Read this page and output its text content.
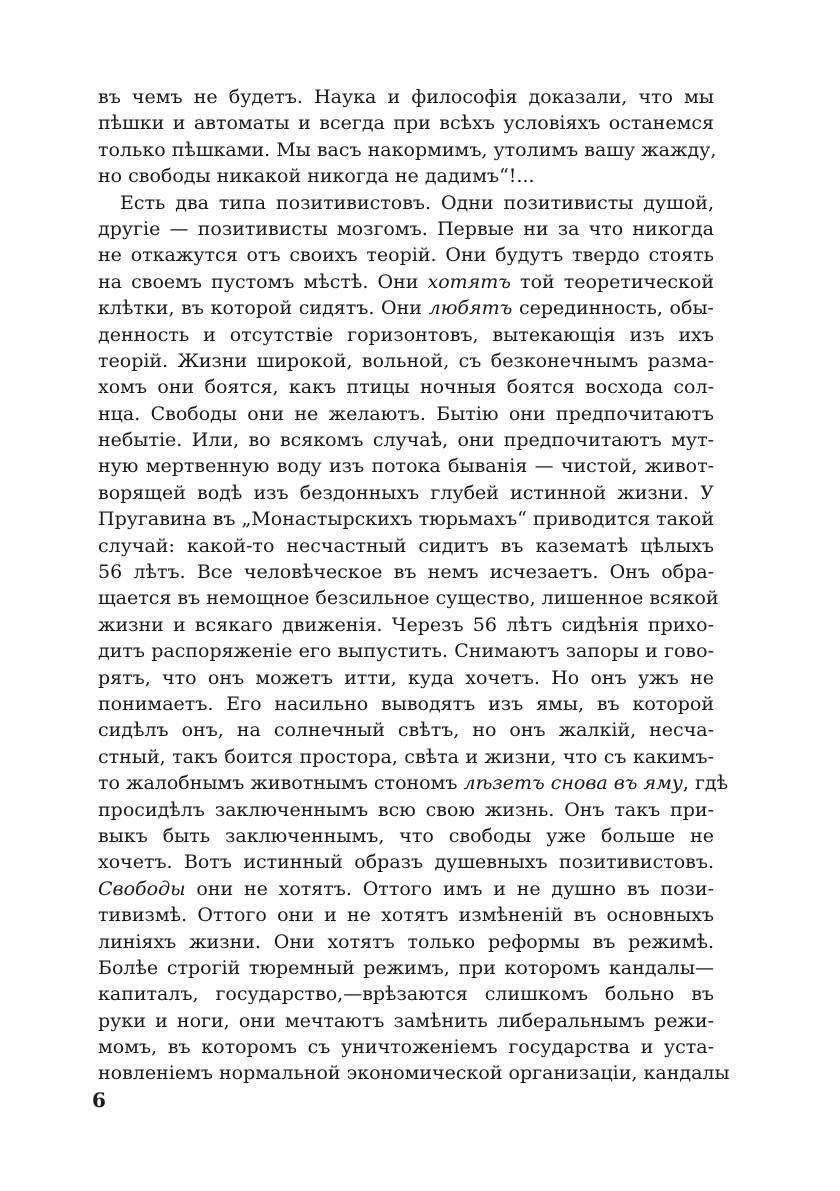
въ чемъ не будетъ. Наука и философія доказали, что мы
пѣшки и автоматы и всегда при всѣхъ условіяхъ останемся
только пѣшками. Мы васъ накормимъ, утолимъ вашу жажду,
но свободы никакой никогда не дадимъ“!...
Есть два типа позитивистовъ. Одни позитивисты душой,
другіе — позитивисты мозгомъ. Первые ни за что никогда
не откажутся отъ своихъ теорій. Они будутъ твердо стоять
на своемъ пустомъ мѣстѣ. Они хотятъ той теоретической
клѣтки, въ которой сидятъ. Они любятъ серединность, обы-
денность и отсутствіе горизонтовъ, вытекающія изъ ихъ
теорій. Жизни широкой, вольной, съ безконечнымъ разма-
хомъ они боятся, какъ птицы ночныя боятся восхода сол-
нца. Свободы они не желаютъ. Бытію они предпочитаютъ
небытіе. Или, во всякомъ случаѣ, они предпочитаютъ мут-
ную мертвенную воду изъ потока быванія — чистой, живот-
ворящей водѣ изъ бездонныхъ глубей истинной жизни. У
Пругавина въ „Монастырскихъ тюрьмахъ“ приводится такой
случай: какой-то несчастный сидитъ въ казематѣ цѣлыхъ
56 лѣтъ. Все человѣческое въ немъ исчезаетъ. Онъ обра-
щается въ немощное безсильное существо, лишенное всякой
жизни и всякаго движенія. Черезъ 56 лѣтъ сидѣнія прихо-
дитъ распоряженіе его выпустить. Снимаютъ запоры и гово-
рятъ, что онъ можетъ итти, куда хочетъ. Но онъ ужъ не
понимаетъ. Его насильно выводятъ изъ ямы, въ которой
сидѣлъ онъ, на солнечный свѣтъ, но онъ жалкій, несча-
стный, такъ боится простора, свѣта и жизни, что съ какимъ-
то жалобнымъ животнымъ стономъ лѣзетъ снова въ яму, гдѣ
просидѣлъ заключеннымъ всю свою жизнь. Онъ такъ при-
выкъ быть заключеннымъ, что свободы уже больше не
хочетъ. Вотъ истинный образъ душевныхъ позитивистовъ.
Свободы они не хотятъ. Оттого имъ и не душно въ пози-
тивизмѣ. Оттого они и не хотятъ измѣненій въ основныхъ
линіяхъ жизни. Они хотятъ только реформы въ режимѣ.
Болѣе строгій тюремный режимъ, при которомъ кандалы—
капиталъ, государство,—врѣзаются слишкомъ больно въ
руки и ноги, они мечтаютъ замѣнить либеральнымъ режи-
момъ, въ которомъ съ уничтоженіемъ государства и уста-
новленіемъ нормальной экономической организаціи, кандалы
6
